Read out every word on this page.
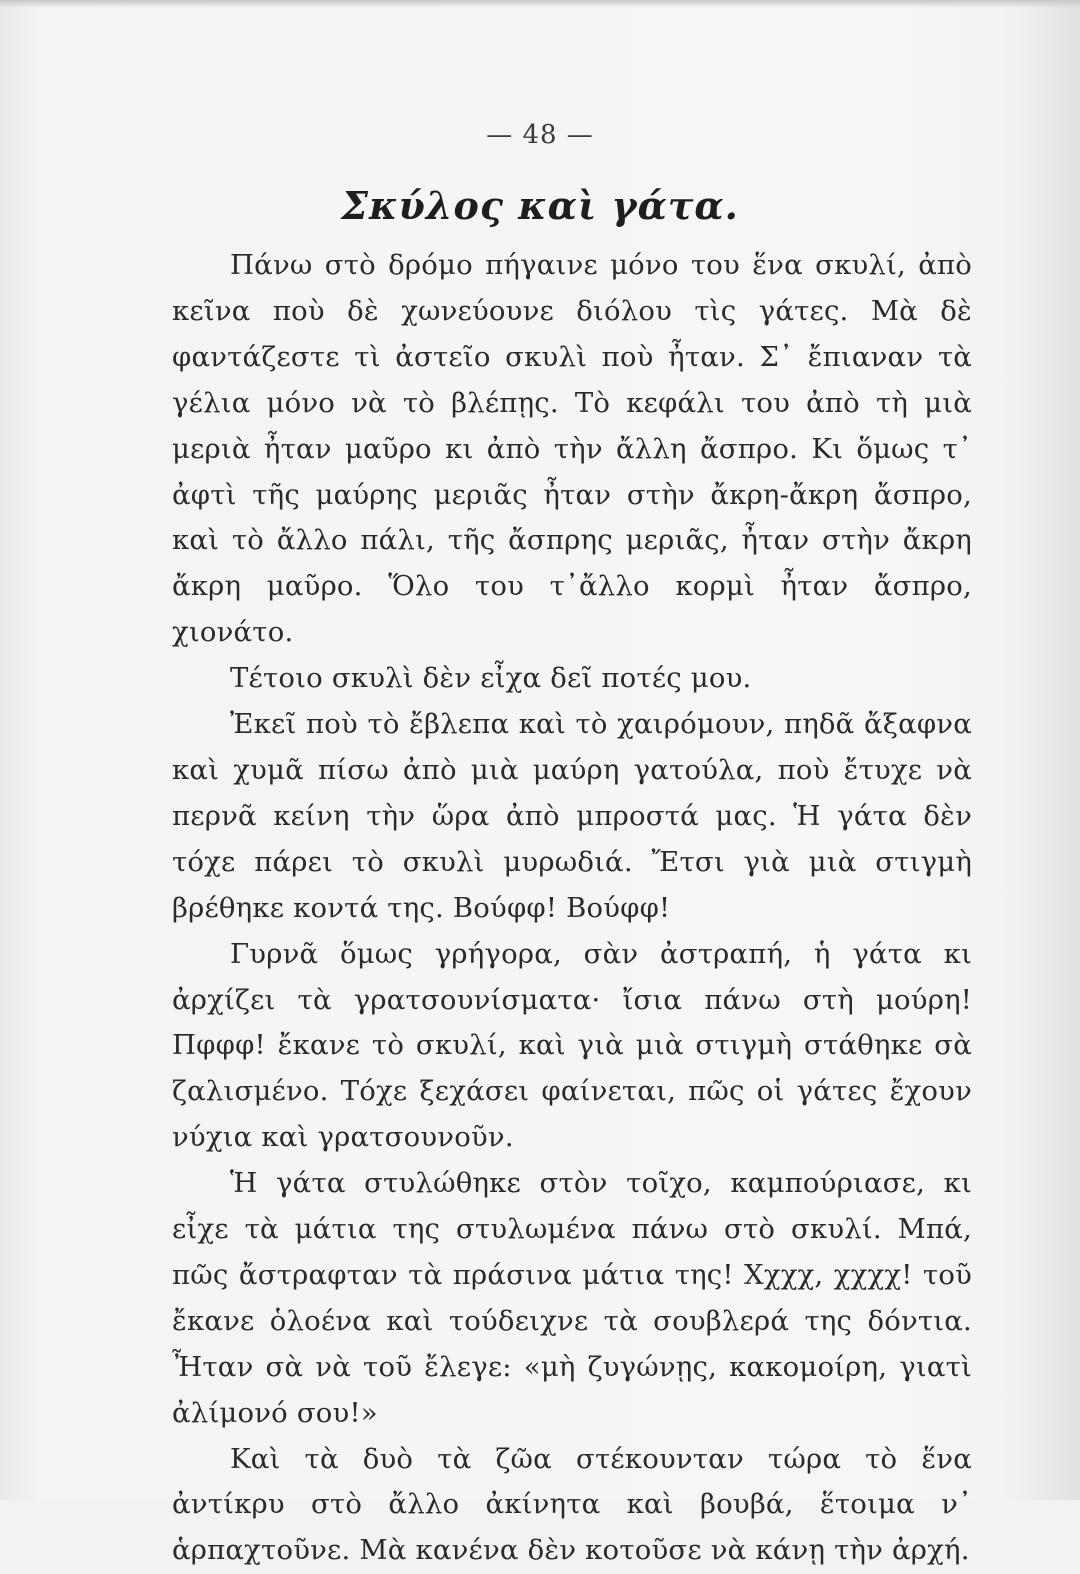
— 48 —
Σκύλος καὶ γάτα.

Πάνω στὸ δρόμο πήγαινε μόνο του ἕνα σκυλί, ἀπὸ κεῖνα ποὺ δὲ χωνεύουνε διόλου τὶς γάτες. Μὰ δὲ φαντάζεστε τὶ ἀστεῖο σκυλὶ ποὺ ἦταν. Σ᾿ ἔπιαναν τὰ γέλια μόνο νὰ τὸ βλέπῃς. Τὸ κεφάλι του ἀπὸ τὴ μιὰ μεριὰ ἦταν μαῦρο κι ἀπὸ τὴν ἄλλη ἄσπρο. Κι ὅμως τ᾿ ἀφτὶ τῆς μαύρης μεριᾶς ἦταν στὴν ἄκρη-ἄκρη ἄσπρο, καὶ τὸ ἄλλο πάλι, τῆς ἄσπρης μεριᾶς, ἦταν στὴν ἄκρη ἄκρη μαῦρο. Ὅλο του τ᾿ἄλλο κορμὶ ἦταν ἄσπρο, χιονάτο.

Τέτοιο σκυλὶ δὲν εἶχα δεῖ ποτές μου.

Ἐκεῖ ποὺ τὸ ἔβλεπα καὶ τὸ χαιρόμουν, πηδᾶ ἄξαφνα καὶ χυμᾶ πίσω ἀπὸ μιὰ μαύρη γατούλα, ποὺ ἔτυχε νὰ περνᾶ κείνη τὴν ὥρα ἀπὸ μπροστά μας. Ἡ γάτα δὲν τόχε πάρει τὸ σκυλὶ μυρωδιά. Ἔτσι γιὰ μιὰ στιγμὴ βρέθηκε κοντά της. Βούφφ! Βούφφ!

Γυρνᾶ ὅμως γρήγορα, σὰν ἀστραπή, ἡ γάτα κι ἀρχίζει τὰ γρατσουνίσματα· ἴσια πάνω στὴ μούρη! Πφφφ! ἔκανε τὸ σκυλί, καὶ γιὰ μιὰ στιγμὴ στάθηκε σὰ ζαλισμένο. Τόχε ξεχάσει φαίνεται, πῶς οἱ γάτες ἔχουν νύχια καὶ γρατσουνοῦν.

Ἡ γάτα στυλώθηκε στὸν τοῖχο, καμπούριασε, κι εἶχε τὰ μάτια της στυλωμένα πάνω στὸ σκυλί. Μπά, πῶς ἄστραφταν τὰ πράσινα μάτια της! Χχχχ, χχχχ! τοῦ ἔκανε ὁλοένα καὶ τούδειχνε τὰ σουβλερά της δόντια. Ἦταν σὰ νὰ τοῦ ἔλεγε: «μὴ ζυγώνῃς, κακομοίρη, γιατὶ ἀλίμονό σου!»

Καὶ τὰ δυὸ τὰ ζῶα στέκουνταν τώρα τὸ ἕνα ἀντίκρυ στὸ ἄλλο ἀκίνητα καὶ βουβά, ἕτοιμα ν᾿ ἁρπαχτοῦνε. Μὰ κανένα δὲν κοτοῦσε νὰ κάνῃ τὴν ἀρχή.
